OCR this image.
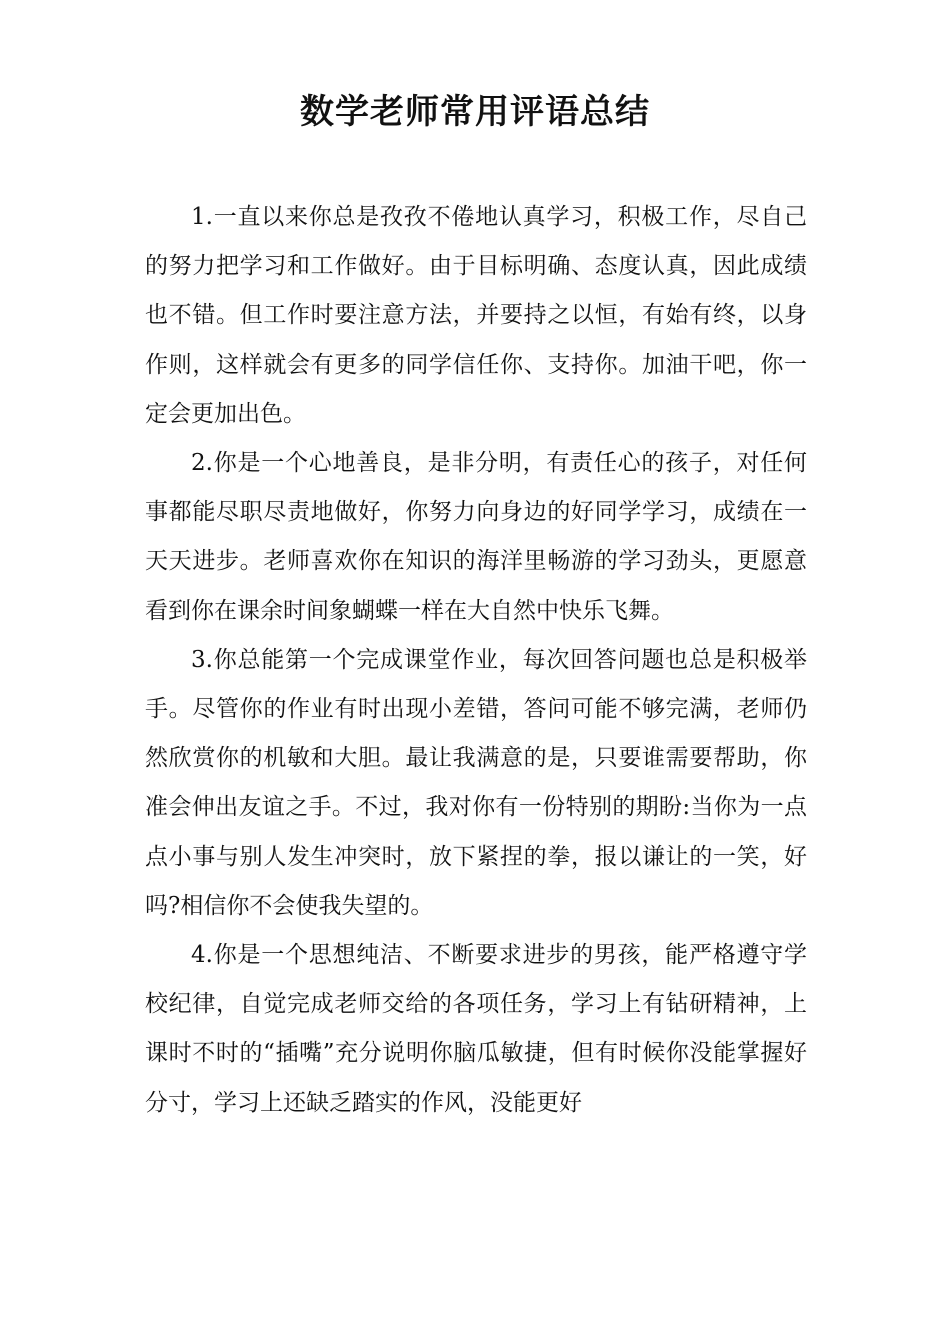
数学老师常用评语总结

1.一直以来你总是孜孜不倦地认真学习，积极工作，尽自己的努力把学习和工作做好。由于目标明确、态度认真，因此成绩也不错。但工作时要注意方法，并要持之以恒，有始有终，以身作则，这样就会有更多的同学信任你、支持你。加油干吧，你一定会更加出色。

2.你是一个心地善良，是非分明，有责任心的孩子，对任何事都能尽职尽责地做好，你努力向身边的好同学学习，成绩在一天天进步。老师喜欢你在知识的海洋里畅游的学习劲头，更愿意看到你在课余时间象蝴蝶一样在大自然中快乐飞舞。

3.你总能第一个完成课堂作业，每次回答问题也总是积极举手。尽管你的作业有时出现小差错，答问可能不够完满，老师仍然欣赏你的机敏和大胆。最让我满意的是，只要谁需要帮助，你准会伸出友谊之手。不过，我对你有一份特别的期盼:当你为一点点小事与别人发生冲突时，放下紧捏的拳，报以谦让的一笑，好吗?相信你不会使我失望的。

4.你是一个思想纯洁、不断要求进步的男孩，能严格遵守学校纪律，自觉完成老师交给的各项任务，学习上有钻研精神，上课时不时的“插嘴”充分说明你脑瓜敏捷，但有时候你没能掌握好分寸，学习上还缺乏踏实的作风，没能更好
